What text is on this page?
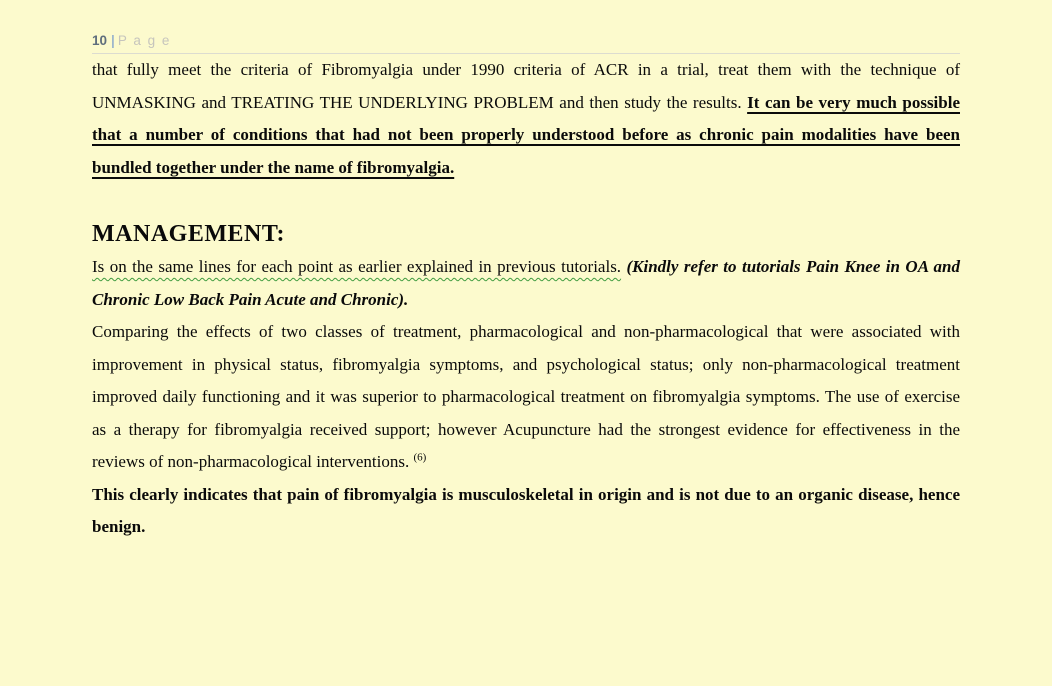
10 | P a g e

that fully meet the criteria of Fibromyalgia under 1990 criteria of ACR in a trial, treat them with the technique of UNMASKING and TREATING THE UNDERLYING PROBLEM and then study the results. It can be very much possible that a number of conditions that had not been properly understood before as chronic pain modalities have been bundled together under the name of fibromyalgia.

MANAGEMENT:

Is on the same lines for each point as earlier explained in previous tutorials. (Kindly refer to tutorials Pain Knee in OA and Chronic Low Back Pain Acute and Chronic).

Comparing the effects of two classes of treatment, pharmacological and non-pharmacological that were associated with improvement in physical status, fibromyalgia symptoms, and psychological status; only non-pharmacological treatment improved daily functioning and it was superior to pharmacological treatment on fibromyalgia symptoms. The use of exercise as a therapy for fibromyalgia received support; however Acupuncture had the strongest evidence for effectiveness in the reviews of non-pharmacological interventions. $^{(6)}$

This clearly indicates that pain of fibromyalgia is musculoskeletal in origin and is not due to an organic disease, hence benign.
